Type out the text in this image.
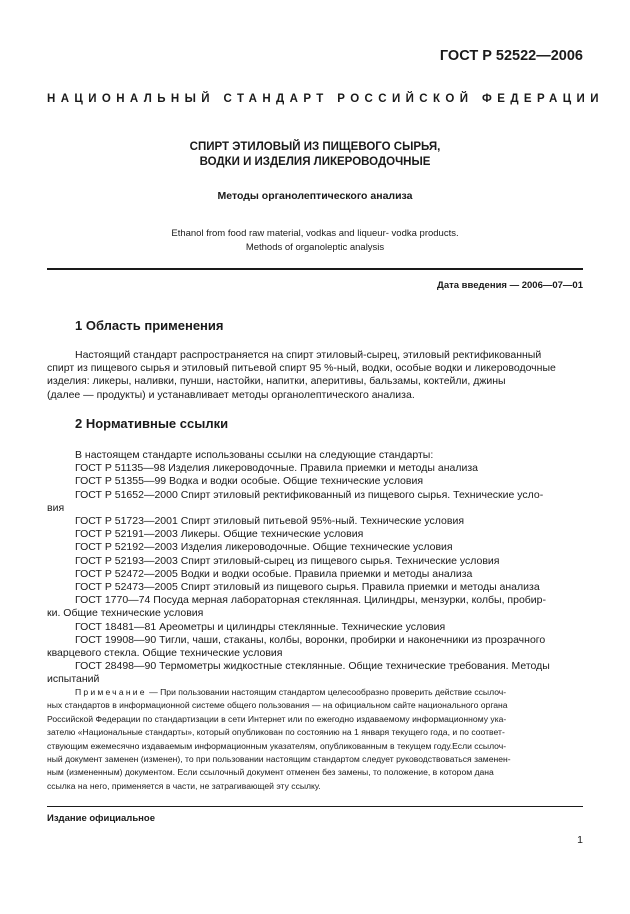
ГОСТ Р 52522—2006
НАЦИОНАЛЬНЫЙ СТАНДАРТ РОССИЙСКОЙ ФЕДЕРАЦИИ
СПИРТ ЭТИЛОВЫЙ ИЗ ПИЩЕВОГО СЫРЬЯ,
ВОДКИ И ИЗДЕЛИЯ ЛИКЕРОВОДОЧНЫЕ
Методы органолептического анализа
Ethanol from food raw material, vodkas and liqueur- vodka products.
Methods of organoleptic analysis
Дата введения — 2006—07—01
1 Область применения
Настоящий стандарт распространяется на спирт этиловый-сырец, этиловый ректификованный
спирт из пищевого сырья и этиловый питьевой спирт 95 %-ный, водки, особые водки и ликероводочные
изделия: ликеры, наливки, пунши, настойки, напитки, аперитивы, бальзамы, коктейли, джины
(далее — продукты) и устанавливает методы органолептического анализа.
2 Нормативные ссылки
В настоящем стандарте использованы ссылки на следующие стандарты:
ГОСТ Р 51135—98 Изделия ликероводочные. Правила приемки и методы анализа
ГОСТ Р 51355—99 Водка и водки особые. Общие технические условия
ГОСТ Р 51652—2000 Спирт этиловый ректификованный из пищевого сырья. Технические усло-
вия
ГОСТ Р 51723—2001 Спирт этиловый питьевой 95%-ный. Технические условия
ГОСТ Р 52191—2003 Ликеры. Общие технические условия
ГОСТ Р 52192—2003 Изделия ликероводочные. Общие технические условия
ГОСТ Р 52193—2003 Спирт этиловый-сырец из пищевого сырья. Технические условия
ГОСТ Р 52472—2005 Водки и водки особые. Правила приемки и методы анализа
ГОСТ Р 52473—2005 Спирт этиловый из пищевого сырья. Правила приемки и методы анализа
ГОСТ 1770—74 Посуда мерная лабораторная стеклянная. Цилиндры, мензурки, колбы, пробир-
ки. Общие технические условия
ГОСТ 18481—81 Ареометры и цилиндры стеклянные. Технические условия
ГОСТ 19908—90 Тигли, чаши, стаканы, колбы, воронки, пробирки и наконечники из прозрачного
кварцевого стекла. Общие технические условия
ГОСТ 28498—90 Термометры жидкостные стеклянные. Общие технические требования. Методы
испытаний
Примечание — При пользовании настоящим стандартом целесообразно проверить действие ссылоч-
ных стандартов в информационной системе общего пользования — на официальном сайте национального органа
Российской Федерации по стандартизации в сети Интернет или по ежегодно издаваемому информационному ука-
зателю «Национальные стандарты», который опубликован по состоянию на 1 января текущего года, и по соответ-
ствующим ежемесячно издаваемым информационным указателям, опубликованным в текущем году.Если ссылоч-
ный документ заменен (изменен), то при пользовании настоящим стандартом следует руководствоваться заменен-
ным (измененным) документом. Если ссылочный документ отменен без замены, то положение, в котором дана
ссылка на него, применяется в части, не затрагивающей эту ссылку.
Издание официальное
1
